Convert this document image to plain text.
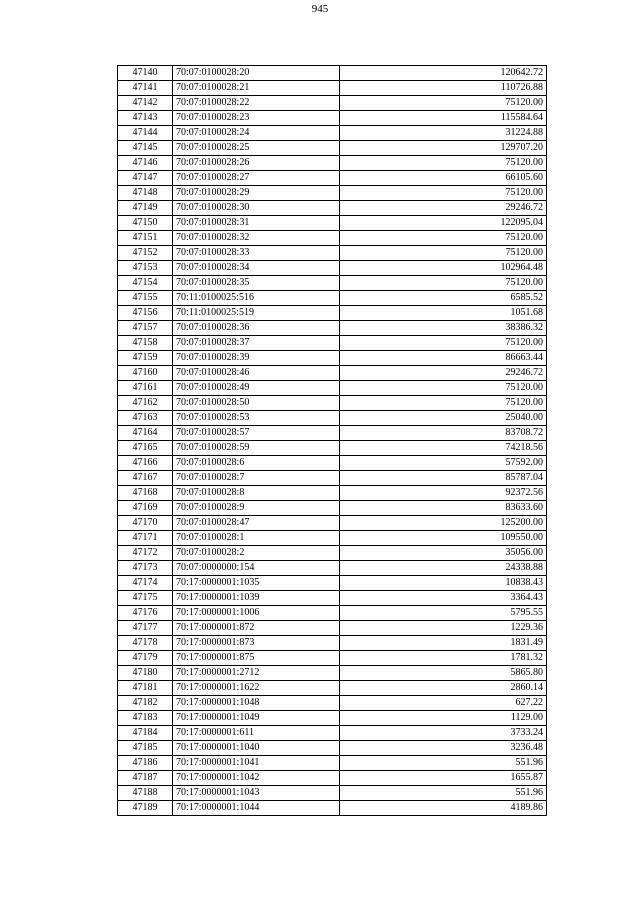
945
47140	70:07:0100028:20	120642.72
47141	70:07:0100028:21	110726.88
47142	70:07:0100028:22	75120.00
47143	70:07:0100028:23	115584.64
47144	70:07:0100028:24	31224.88
47145	70:07:0100028:25	129707.20
47146	70:07:0100028:26	75120.00
47147	70:07:0100028:27	66105.60
47148	70:07:0100028:29	75120.00
47149	70:07:0100028:30	29246.72
47150	70:07:0100028:31	122095.04
47151	70:07:0100028:32	75120.00
47152	70:07:0100028:33	75120.00
47153	70:07:0100028:34	102964.48
47154	70:07:0100028:35	75120.00
47155	70:11:0100025:516	6585.52
47156	70:11:0100025:519	1051.68
47157	70:07:0100028:36	38386.32
47158	70:07:0100028:37	75120.00
47159	70:07:0100028:39	86663.44
47160	70:07:0100028:46	29246.72
47161	70:07:0100028:49	75120.00
47162	70:07:0100028:50	75120.00
47163	70:07:0100028:53	25040.00
47164	70:07:0100028:57	83708.72
47165	70:07:0100028:59	74218.56
47166	70:07:0100028:6	57592.00
47167	70:07:0100028:7	85787.04
47168	70:07:0100028:8	92372.56
47169	70:07:0100028:9	83633.60
47170	70:07:0100028:47	125200.00
47171	70:07:0100028:1	109550.00
47172	70:07:0100028:2	35056.00
47173	70:07:0000000:154	24338.88
47174	70:17:0000001:1035	10838.43
47175	70:17:0000001:1039	3364.43
47176	70:17:0000001:1006	5795.55
47177	70:17:0000001:872	1229.36
47178	70:17:0000001:873	1831.49
47179	70:17:0000001:875	1781.32
47180	70:17:0000001:2712	5865.80
47181	70:17:0000001:1622	2860.14
47182	70:17:0000001:1048	627.22
47183	70:17:0000001:1049	1129.00
47184	70:17:0000001:611	3733.24
47185	70:17:0000001:1040	3236.48
47186	70:17:0000001:1041	551.96
47187	70:17:0000001:1042	1655.87
47188	70:17:0000001:1043	551.96
47189	70:17:0000001:1044	4189.86
